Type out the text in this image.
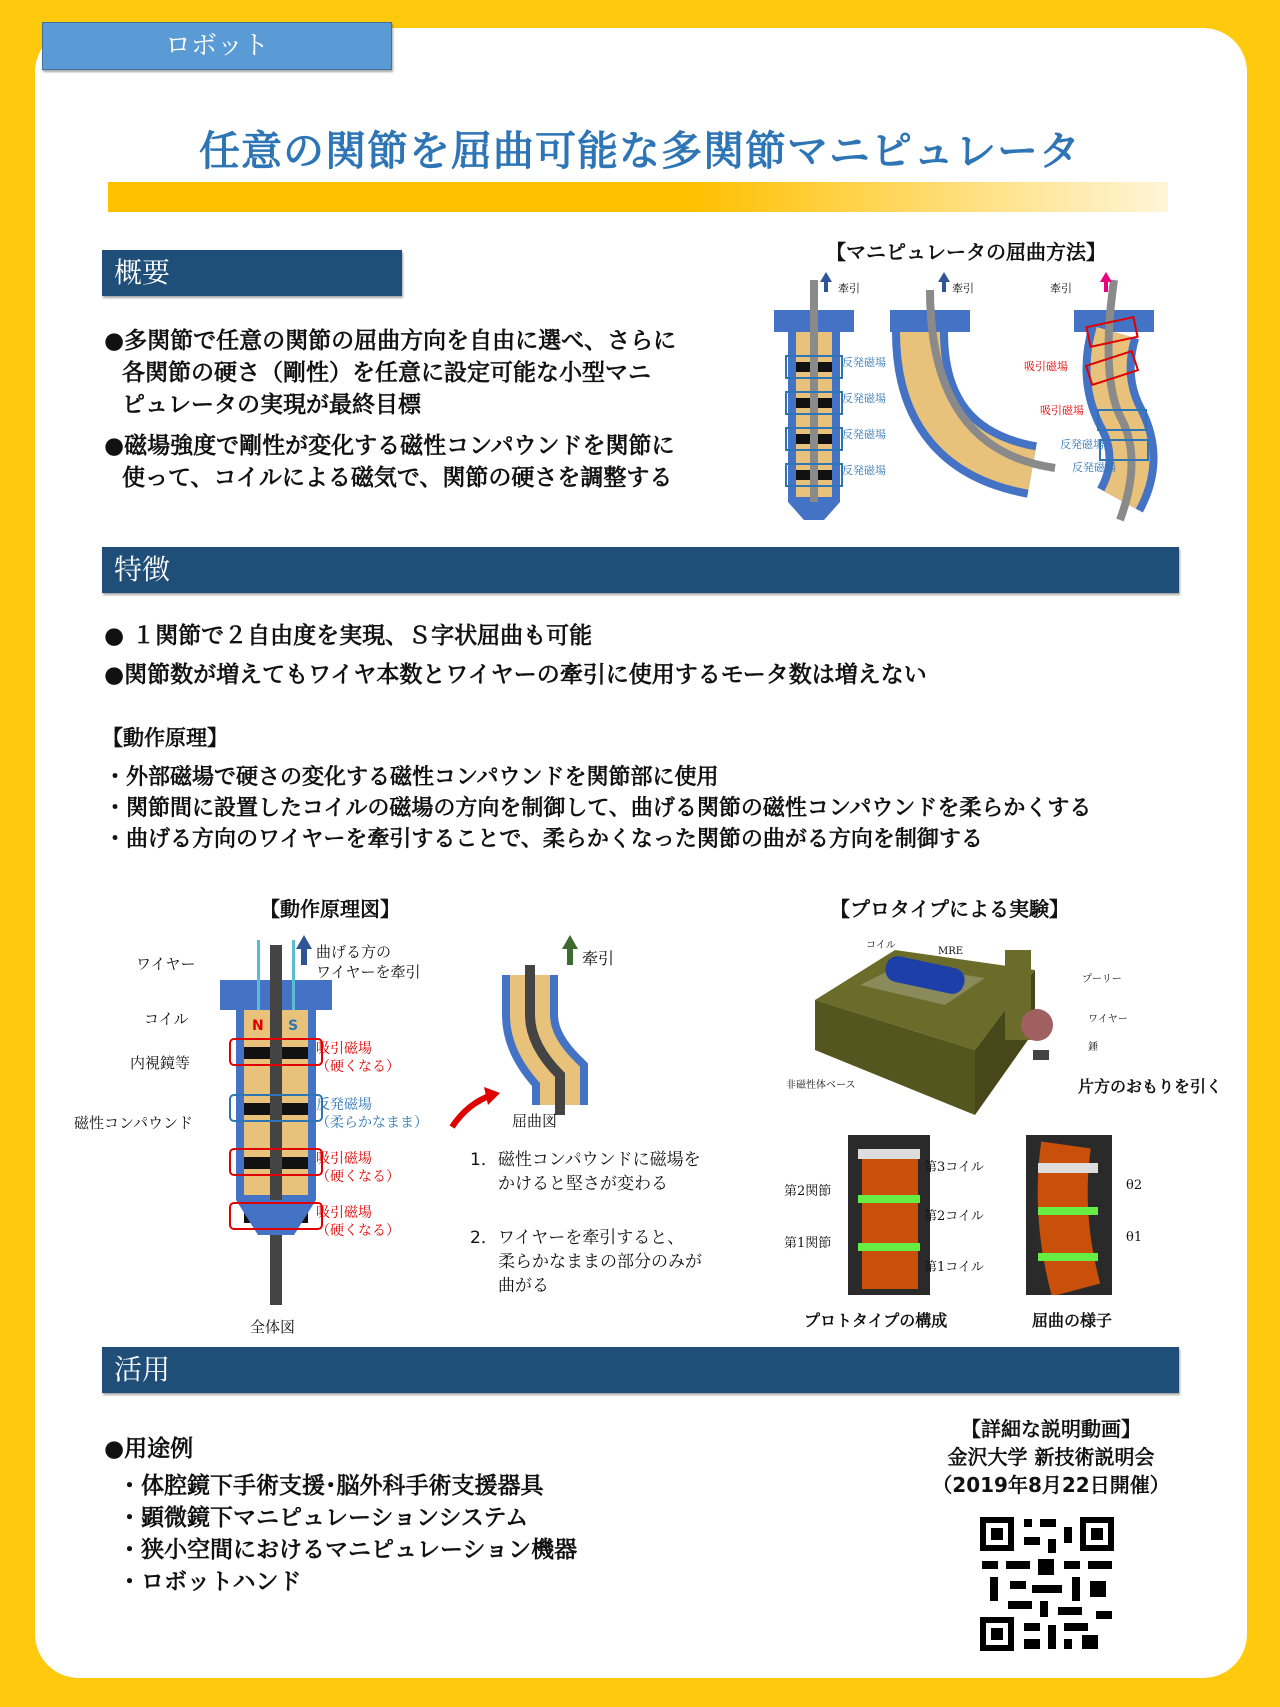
ロボット
任意の関節を屈曲可能な多関節マニピュレータ
概要
●多関節で任意の関節の屈曲方向を自由に選べ、さらに
各関節の硬さ（剛性）を任意に設定可能な小型マニ
ピュレータの実現が最終目標
●磁場強度で剛性が変化する磁性コンパウンドを関節に
使って、コイルによる磁気で、関節の硬さを調整する
【マニピュレータの屈曲方法】
牽引	牽引	牽引
反発磁場
反発磁場
反発磁場
反発磁場
吸引磁場
吸引磁場
反発磁場
反発磁場
特徴
● １関節で２自由度を実現、Ｓ字状屈曲も可能
●関節数が増えてもワイヤ本数とワイヤーの牽引に使用するモータ数は増えない
【動作原理】
・外部磁場で硬さの変化する磁性コンパウンドを関節部に使用
・関節間に設置したコイルの磁場の方向を制御して、曲げる関節の磁性コンパウンドを柔らかくする
・曲げる方向のワイヤーを牽引することで、柔らかくなった関節の曲がる方向を制御する
【動作原理図】
ワイヤー
コイル
内視鏡等
磁性コンパウンド
曲げる方の
ワイヤーを牽引
吸引磁場
（硬くなる）
反発磁場
（柔らかなまま）
吸引磁場
（硬くなる）
吸引磁場
（硬くなる）
全体図
N S
牽引
屈曲図
1．磁性コンパウンドに磁場を
かけると堅さが変わる
2．ワイヤーを牽引すると、
柔らかなままの部分のみが
曲がる
【プロタイプによる実験】
コイル
MRE
プーリー
ワイヤー
錘
非磁性体ベース	片方のおもりを引く
第3コイル
第2コイル
第1コイル
第2関節
第1関節
θ2
θ1
プロトタイプの構成	屈曲の様子
活用
●用途例
・体腔鏡下手術支援･脳外科手術支援器具
・顕微鏡下マニピュレーションシステム
・狭小空間におけるマニピュレーション機器
・ロボットハンド
【詳細な説明動画】
金沢大学 新技術説明会
（2019年8月22日開催）
